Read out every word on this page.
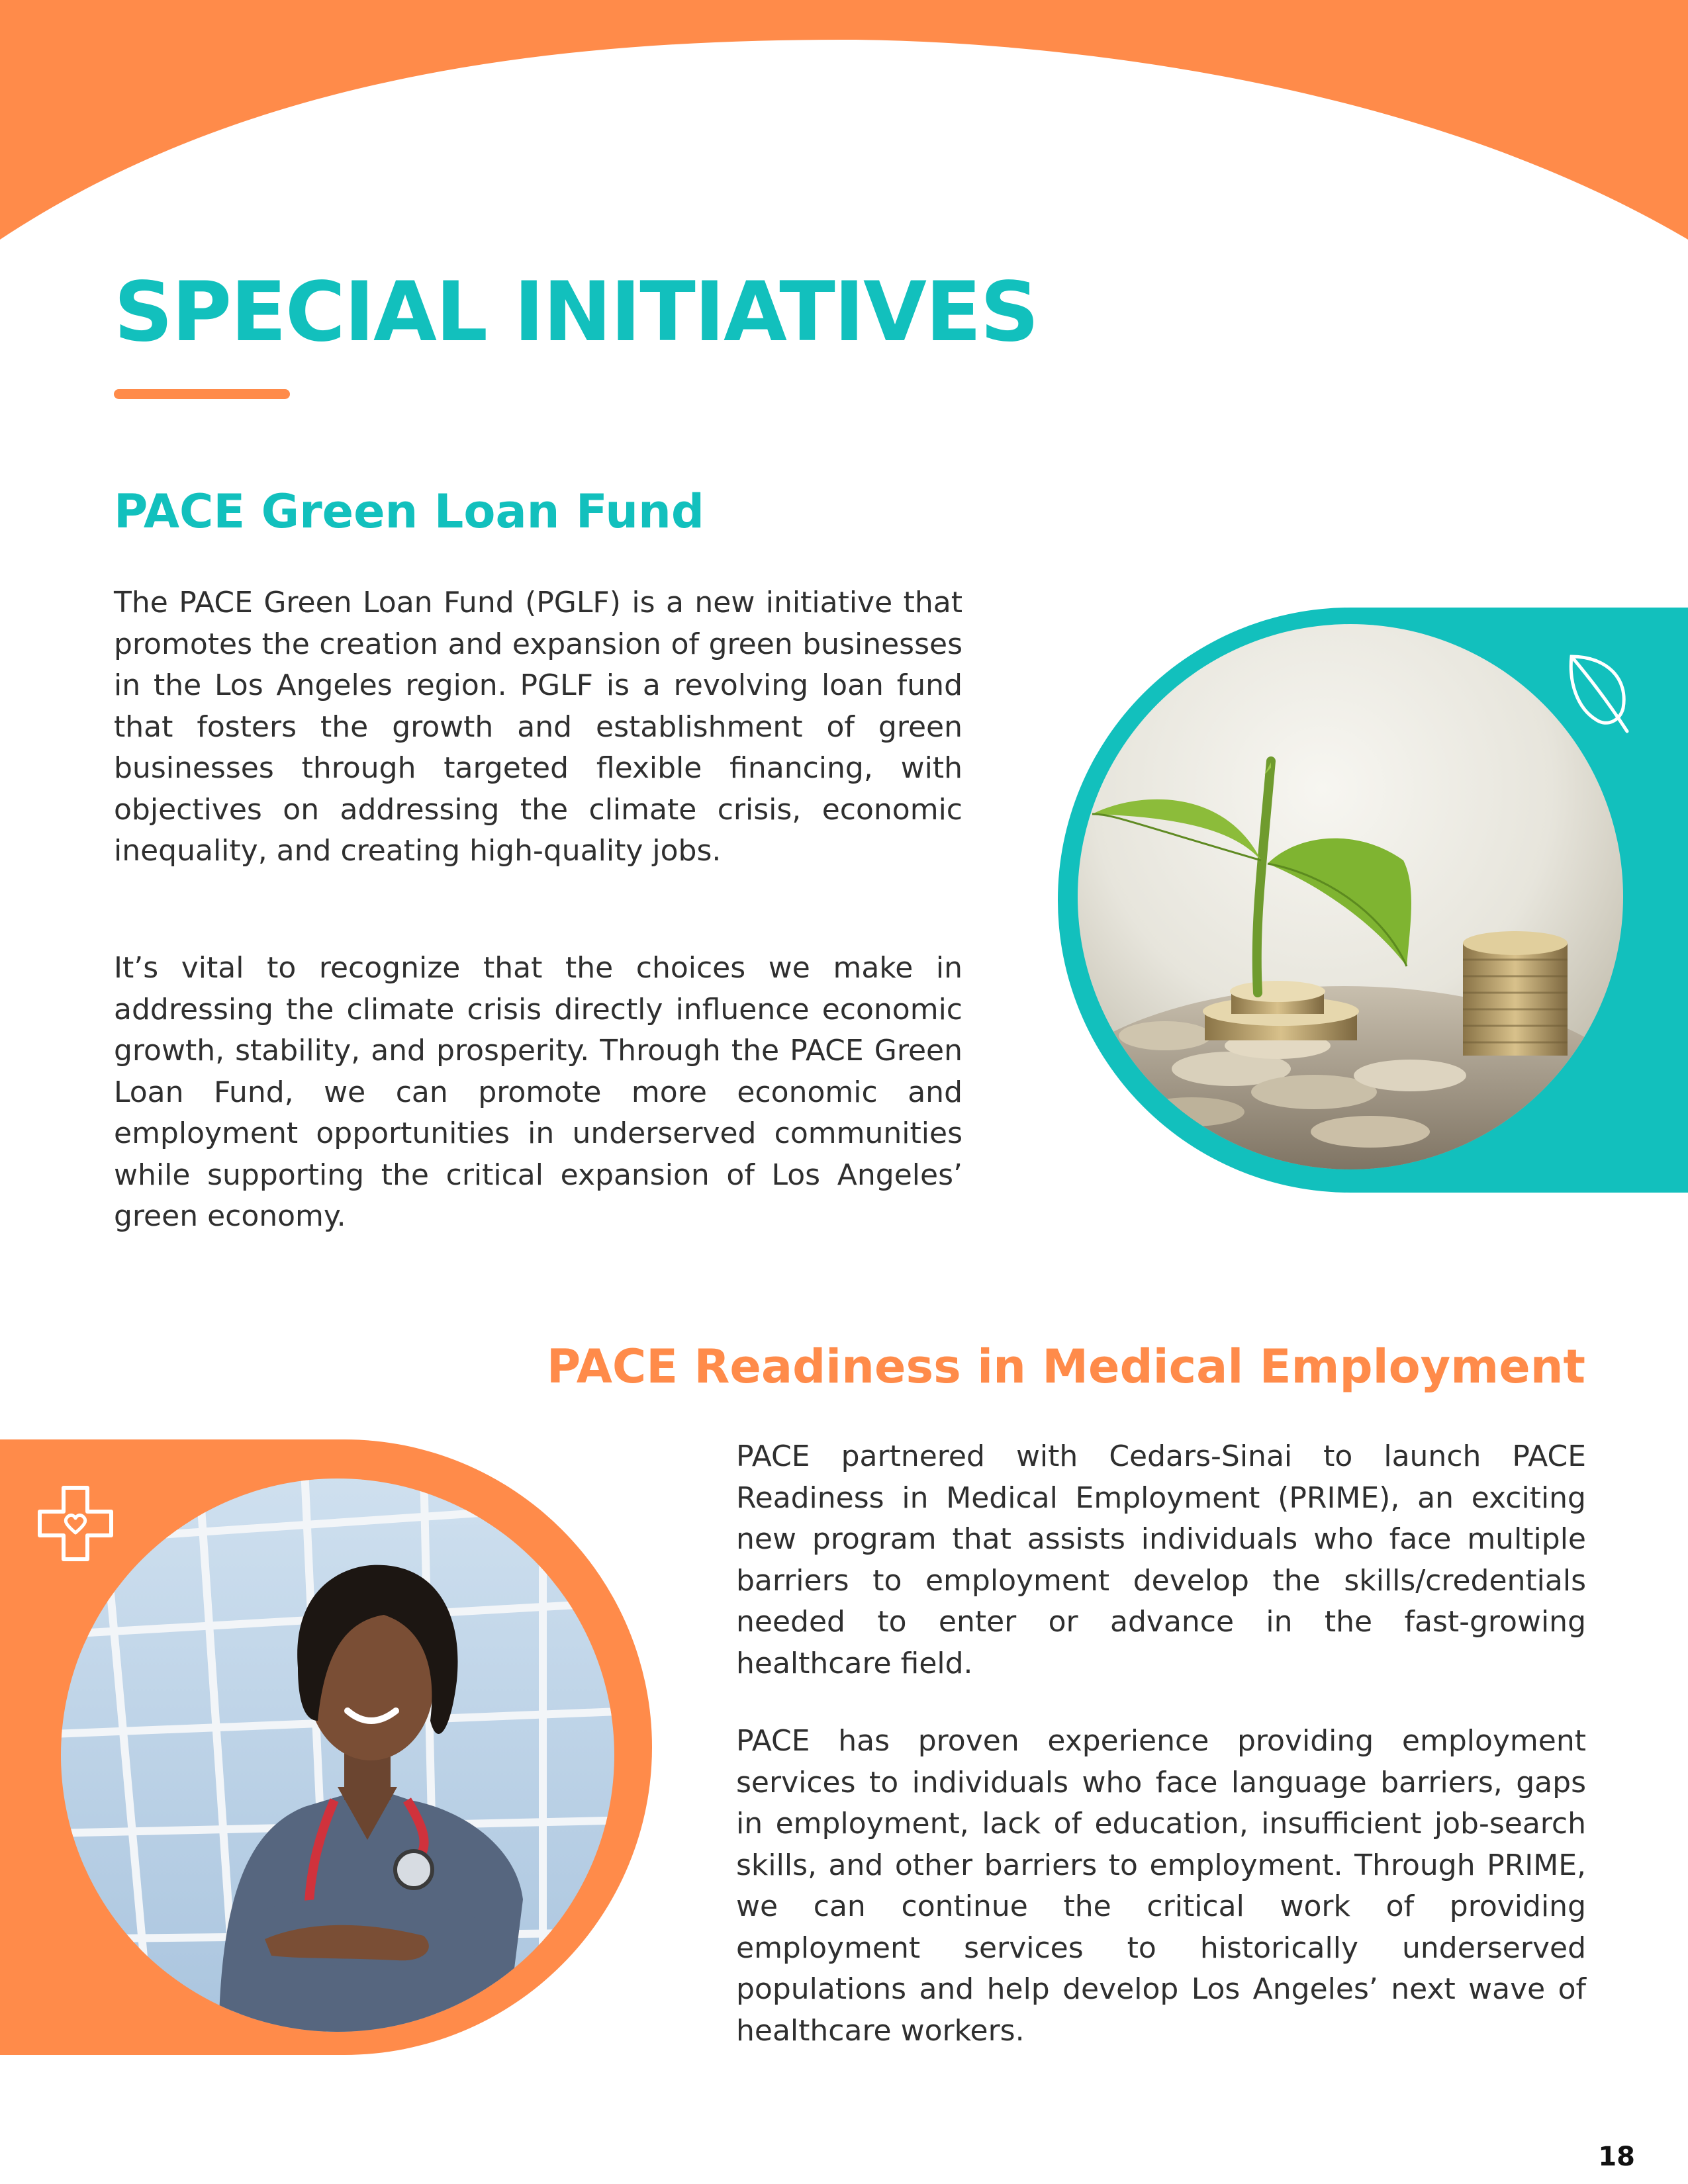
SPECIAL INITIATIVES
PACE Green Loan Fund

The PACE Green Loan Fund (PGLF) is a new initiative that promotes the creation and expansion of green businesses in the Los Angeles region. PGLF is a revolving loan fund that fosters the growth and establishment of green businesses through targeted flexible financing, with objectives on addressing the climate crisis, economic inequality, and creating high-quality jobs.

It’s vital to recognize that the choices we make in addressing the climate crisis directly influence economic growth, stability, and prosperity. Through the PACE Green Loan Fund, we can promote more economic and employment opportunities in underserved communities while supporting the critical expansion of Los Angeles’ green economy.

PACE Readiness in Medical Employment

PACE partnered with Cedars-Sinai to launch PACE Readiness in Medical Employment (PRIME), an exciting new program that assists individuals who face multiple barriers to employment develop the skills/credentials needed to enter or advance in the fast-growing healthcare field.

PACE has proven experience providing employment services to individuals who face language barriers, gaps in employment, lack of education, insufficient job-search skills, and other barriers to employment. Through PRIME, we can continue the critical work of providing employment services to historically underserved populations and help develop Los Angeles’ next wave of healthcare workers.

18
